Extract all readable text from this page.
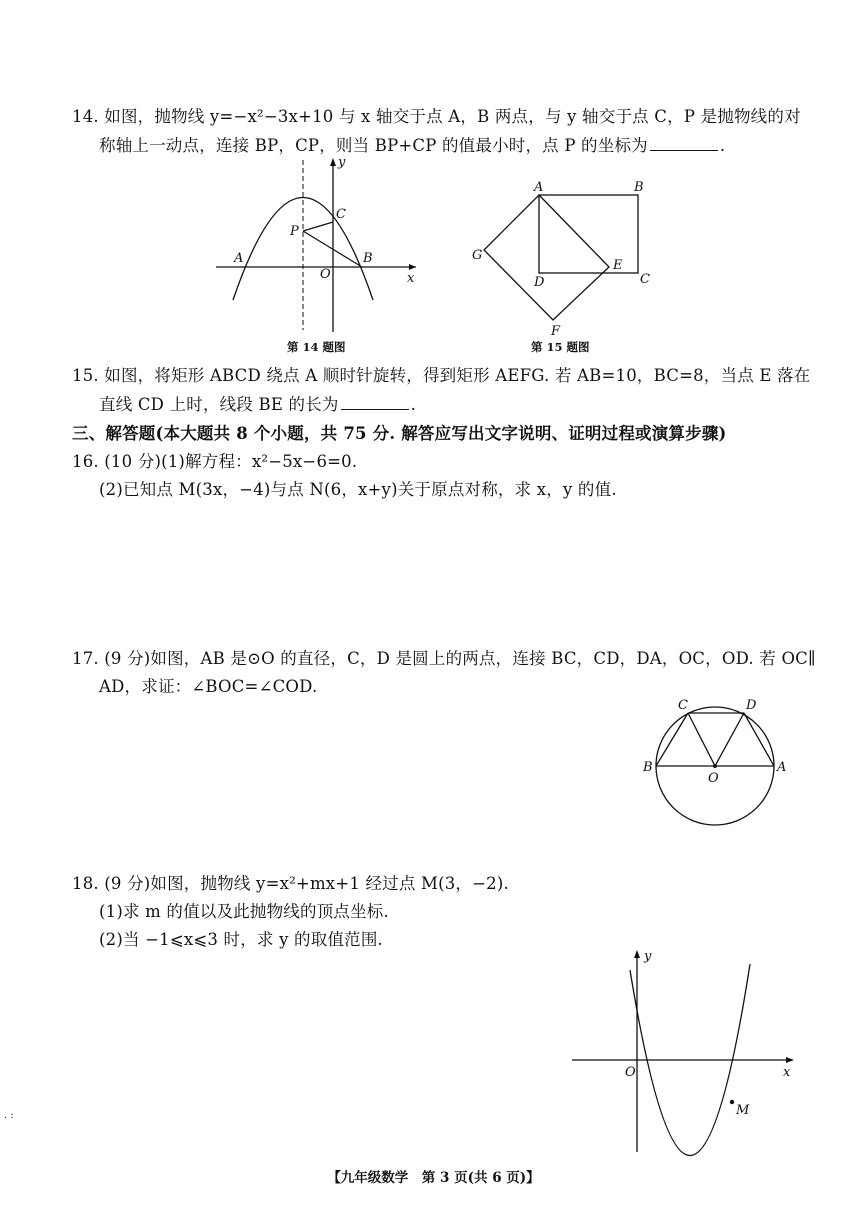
14. 如图，抛物线 y=−x²−3x+10 与 x 轴交于点 A，B 两点，与 y 轴交于点 C，P 是抛物线的对
称轴上一动点，连接 BP，CP，则当 BP+CP 的值最小时，点 P 的坐标为	.
y
x
C
P
A
O
B
第 14 题图
A	B
G
E
C
D
F
第 15 题图
15. 如图，将矩形 ABCD 绕点 A 顺时针旋转，得到矩形 AEFG. 若 AB=10，BC=8，当点 E 落在
直线 CD 上时，线段 BE 的长为	.
三、解答题(本大题共 8 个小题，共 75 分. 解答应写出文字说明、证明过程或演算步骤)
16. (10 分)(1)解方程：x²−5x−6=0.
(2)已知点 M(3x，−4)与点 N(6，x+y)关于原点对称，求 x，y 的值.
17. (9 分)如图，AB 是⊙O 的直径，C，D 是圆上的两点，连接 BC，CD，DA，OC，OD. 若 OC∥
AD，求证：∠BOC=∠COD.
C	D
B
O
A
18. (9 分)如图，抛物线 y=x²+mx+1 经过点 M(3，−2).
(1)求 m 的值以及此抛物线的顶点坐标.
(2)当 −1⩽x⩽3 时，求 y 的取值范围.
y
x
O
M
. :
【九年级数学　第 3 页(共 6 页)】
